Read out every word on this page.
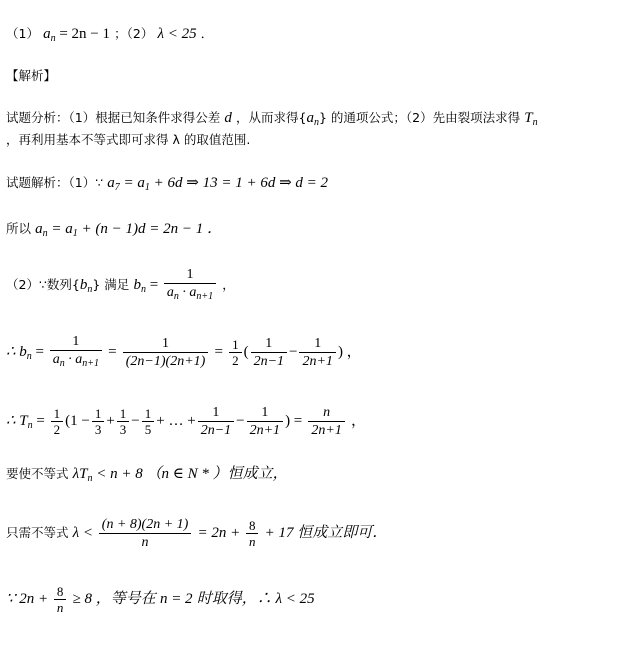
（1） $a_n = 2n - 1$ ；（2） λ < 25 ．
【解析】
试题分析：（1）根据已知条件求得公差 d ，从而求得$\{a_n\}$ 的通项公式；（2）先由裂项法求得 $T_n$
，再利用基本不等式即可求得 λ 的取值范围.
试题解析：（1）∵ $a_7 = a_1 + 6d$ ⇒ 13 = 1 + 6d ⇒ d = 2
所以 $a_n = a_1 + (n - 1)d = 2n - 1$ ．
（2）∵数列$\{b_n\}$ 满足 $b_n = \frac{1}{a_n \cdot a_{n+1}}$ ，
∴ $b_n = \frac{1}{a_n \cdot a_{n+1}} = \frac{1}{(2n-1)(2n+1)} = \frac{1}{2}$ ( $\frac{1}{2n-1} - \frac{1}{2n+1}$ ) ，
∴ $T_n = \frac{1}{2} (1 - \frac{1}{3} + \frac{1}{3} - \frac{1}{5}$ + … + $\frac{1}{2n-1} - \frac{1}{2n+1}$ ) = $\frac{n}{2n+1}$ ，
要使不等式 $\lambda T_n < n + 8$ （n ∈ N * ）恒成立，
只需不等式 $\lambda < \frac{(n + 8)(2n + 1)}{n} = 2n + \frac{8}{n} + 17$ 恒成立即可．
∵ $2n + \frac{8}{n} \ge 8$ ，等号在 n = 2 时取得，∴ λ < 25
